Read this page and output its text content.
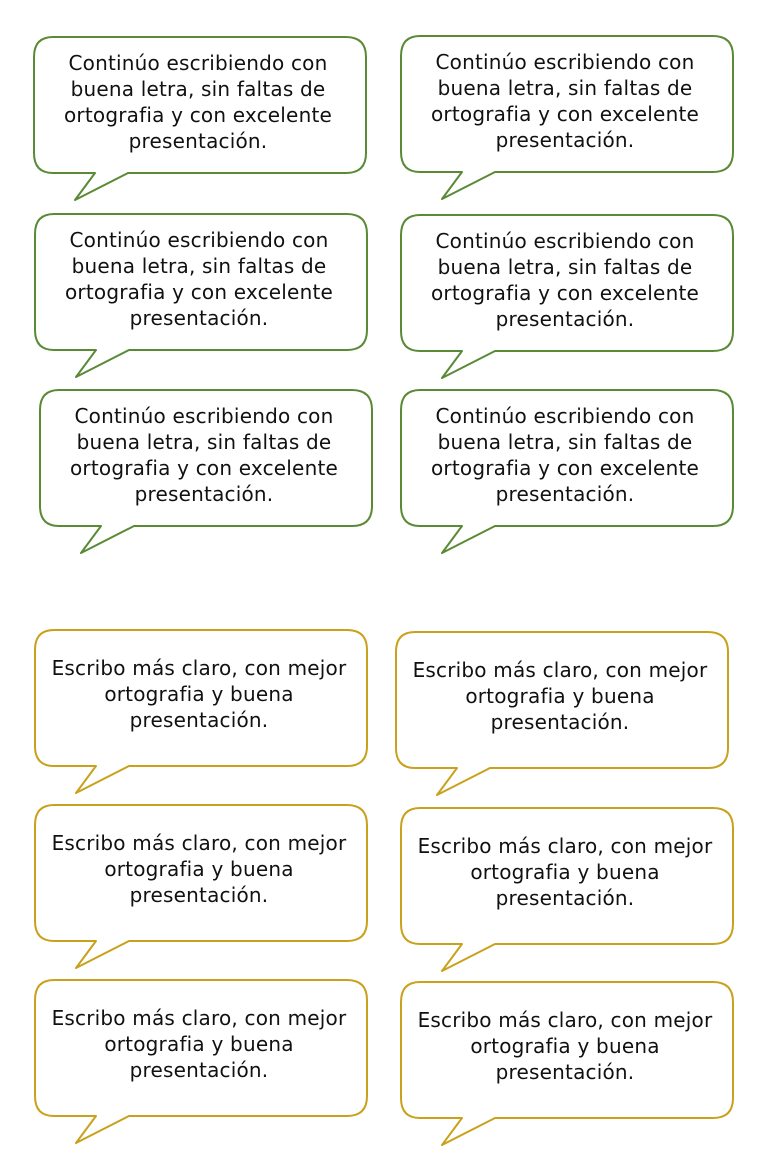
Continúo escribiendo con buena letra, sin faltas de ortografia y con excelente presentación.
Continúo escribiendo con buena letra, sin faltas de ortografia y con excelente presentación.
Continúo escribiendo con buena letra, sin faltas de ortografia y con excelente presentación.
Continúo escribiendo con buena letra, sin faltas de ortografia y con excelente presentación.
Continúo escribiendo con buena letra, sin faltas de ortografia y con excelente presentación.
Continúo escribiendo con buena letra, sin faltas de ortografia y con excelente presentación.
Escribo más claro, con mejor ortografia y buena presentación.
Escribo más claro, con mejor ortografia y buena presentación.
Escribo más claro, con mejor ortografia y buena presentación.
Escribo más claro, con mejor ortografia y buena presentación.
Escribo más claro, con mejor ortografia y buena presentación.
Escribo más claro, con mejor ortografia y buena presentación.
